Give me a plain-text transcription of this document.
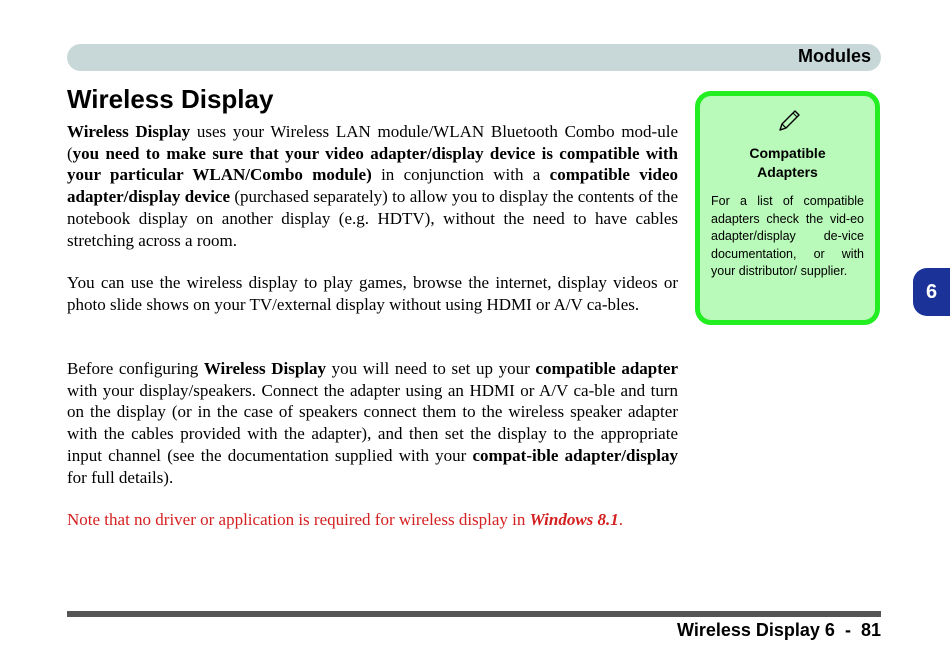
Modules
Wireless Display

Wireless Display uses your Wireless LAN module/WLAN Bluetooth Combo mod-ule (you need to make sure that your video adapter/display device is compatible with your particular WLAN/Combo module) in conjunction with a compatible video adapter/display device (purchased separately) to allow you to display the contents of the notebook display on another display (e.g. HDTV), without the need to have cables stretching across a room.

You can use the wireless display to play games, browse the internet, display videos or photo slide shows on your TV/external display without using HDMI or A/V ca-bles.

Before configuring Wireless Display you will need to set up your compatible adapter with your display/speakers. Connect the adapter using an HDMI or A/V ca-ble and turn on the display (or in the case of speakers connect them to the wireless speaker adapter with the cables provided with the adapter), and then set the display to the appropriate input channel (see the documentation supplied with your compat-ible adapter/display for full details).

Note that no driver or application is required for wireless display in Windows 8.1.

Compatible
Adapters

For a list of compatible adapters check the vid-eo adapter/display de-vice documentation, or with your distributor/ supplier.

6
Wireless Display 6 - 81
